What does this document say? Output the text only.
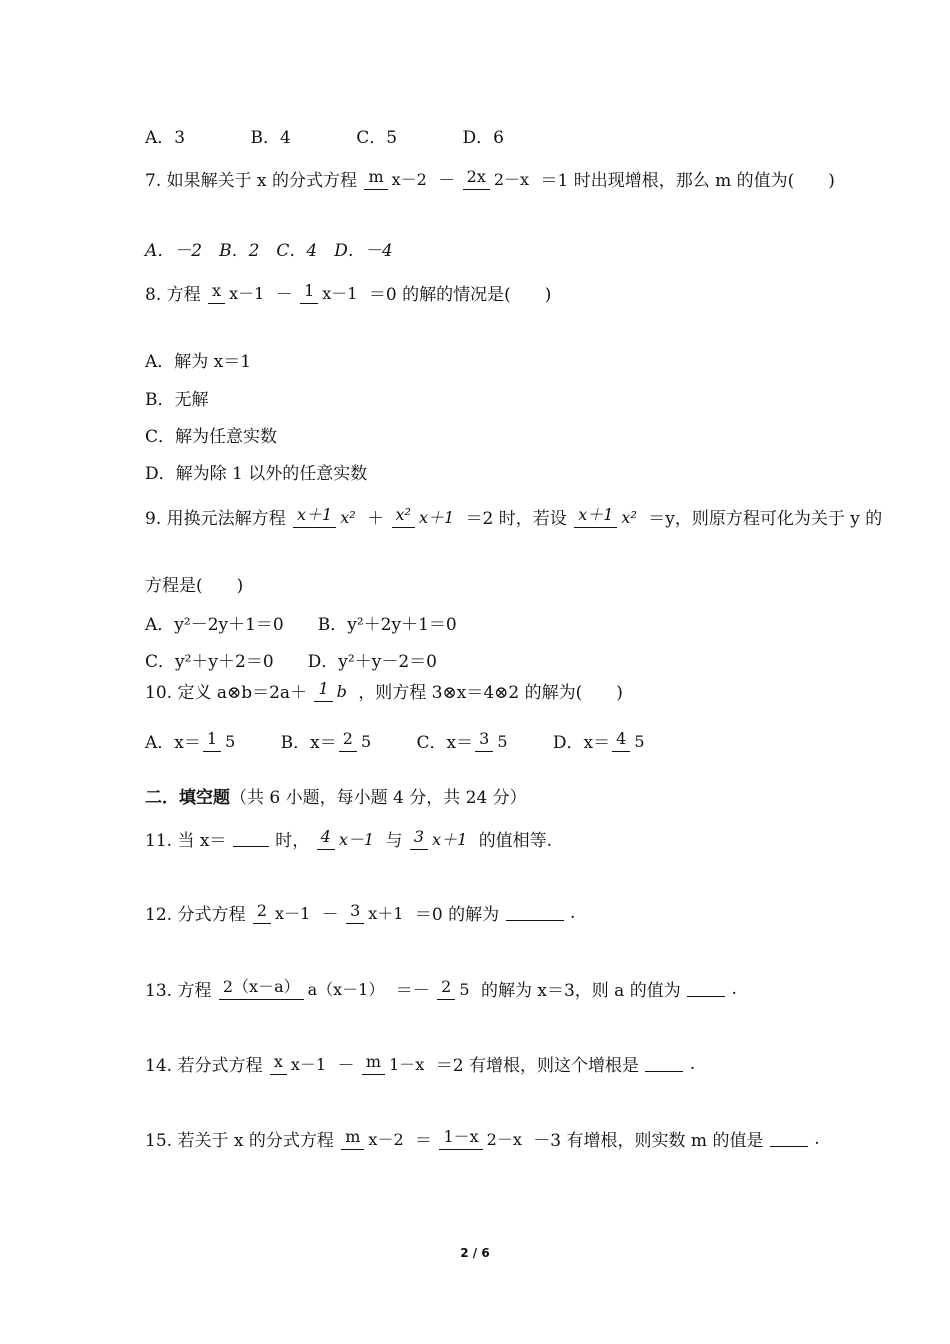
A．3	B．4	C．5	D．6
7. 如果解关于 x 的分式方程 m x－2 － 2x 2－x ＝1 时出现增根，那么 m 的值为(　　)
A．－2　B．2　C．4　D．－4
8. 方程 x x－1 － 1 x－1 ＝0 的解的情况是(　　)
A．解为 x＝1
B．无解
C．解为任意实数
D．解为除 1 以外的任意实数
9. 用换元法解方程 x＋1 x² ＋ x² x＋1 ＝2 时，若设 x＋1 x² ＝y，则原方程可化为关于 y 的
方程是(　　)
A．y²－2y＋1＝0　　B．y²＋2y＋1＝0
C．y²＋y＋2＝0　　D．y²＋y－2＝0
10. 定义 a⊗b＝2a＋ 1 b ，则方程 3⊗x＝4⊗2 的解为(　　)
A．x＝ 1 5	B．x＝ 2 5	C．x＝ 3 5	D．x＝ 4 5
二．填空题（共 6 小题，每小题 4 分，共 24 分）
11. 当 x＝	时， 4 x－1 与 3 x＋1 的值相等.
12. 分式方程 2 x－1 － 3 x＋1 ＝0 的解为	.
13. 方程 2（x－a） a（x－1） ＝－ 2 5 的解为 x＝3，则 a 的值为	.
14. 若分式方程 x x－1 － m 1－x ＝2 有增根，则这个增根是	.
15. 若关于 x 的分式方程 m x－2 ＝ 1－x 2－x －3 有增根，则实数 m 的值是	.
2 / 6
